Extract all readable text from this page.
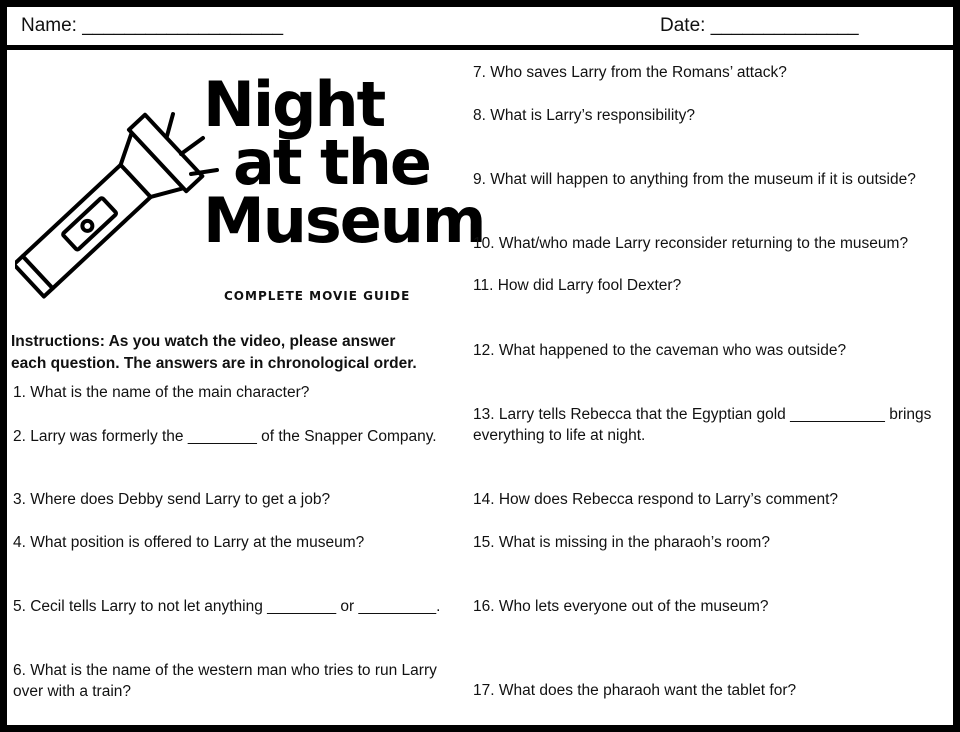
Name: ___________________	Date: ______________
Night
at the
Museum
COMPLETE MOVIE GUIDE
Instructions: As you watch the video, please answer each question. The answers are in chronological order.
1. What is the name of the main character?
2. Larry was formerly the ________ of the Snapper Company.
3. Where does Debby send Larry to get a job?
4. What position is offered to Larry at the museum?
5. Cecil tells Larry to not let anything ________ or _________.
6. What is the name of the western man who tries to run Larry over with a train?
7. Who saves Larry from the Romans’ attack?
8. What is Larry’s responsibility?
9. What will happen to anything from the museum if it is outside?
10. What/who made Larry reconsider returning to the museum?
11. How did Larry fool Dexter?
12. What happened to the caveman who was outside?
13. Larry tells Rebecca that the Egyptian gold ___________ brings everything to life at night.
14. How does Rebecca respond to Larry’s comment?
15. What is missing in the pharaoh’s room?
16. Who lets everyone out of the museum?
17. What does the pharaoh want the tablet for?
